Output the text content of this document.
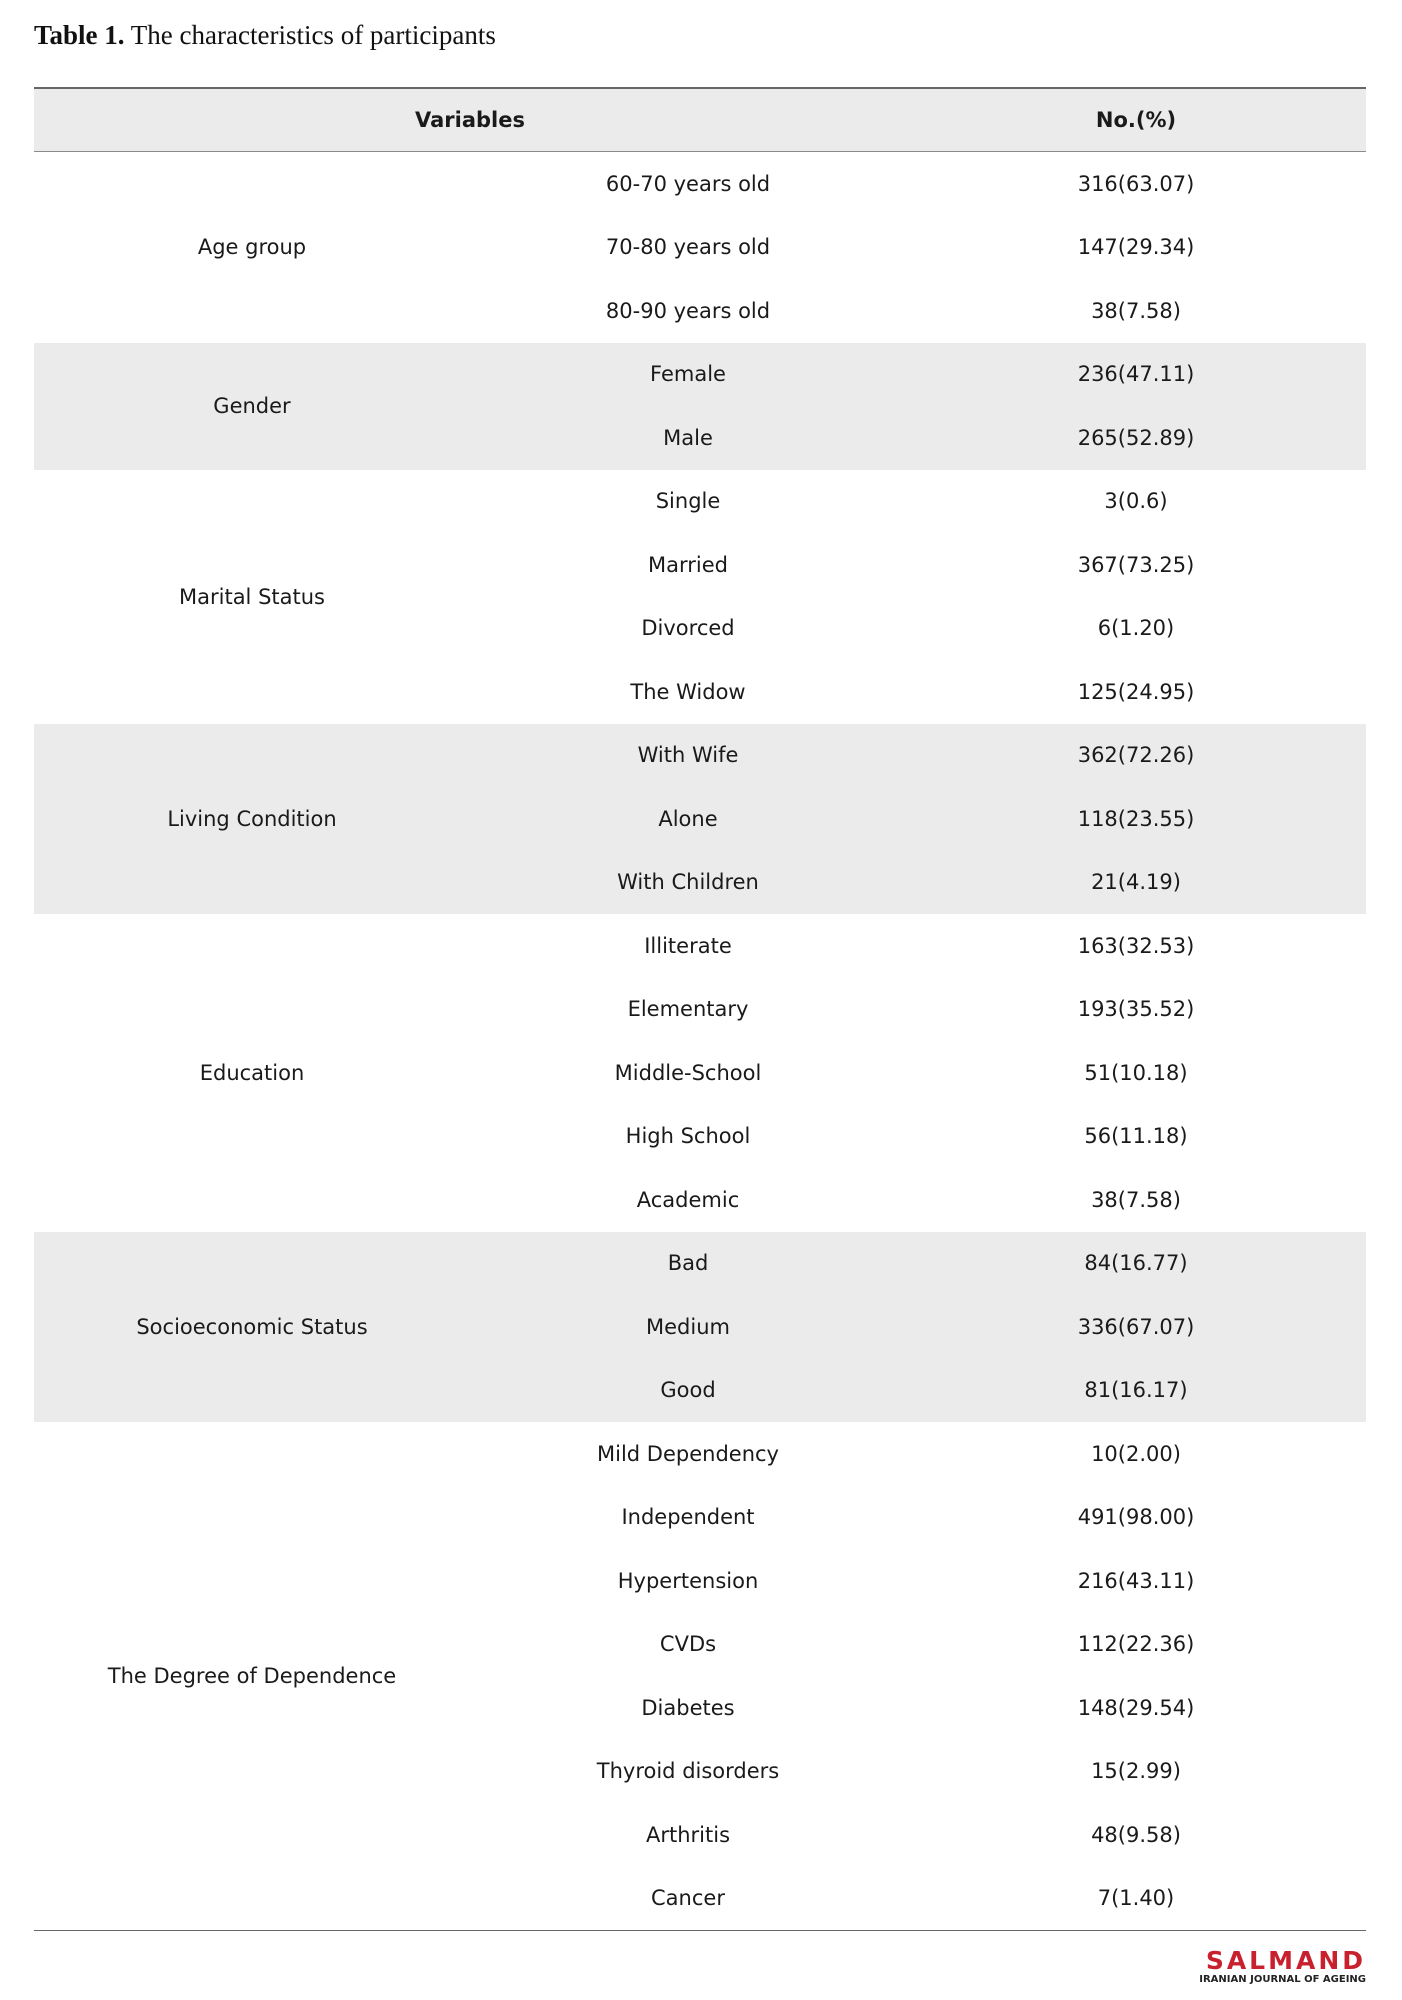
Table 1. The characteristics of participants
Variables	No.(%)
Age group
60-70 years old	316(63.07)
70-80 years old	147(29.34)
80-90 years old	38(7.58)
Gender
Female	236(47.11)
Male	265(52.89)
Marital Status
Single	3(0.6)
Married	367(73.25)
Divorced	6(1.20)
The Widow	125(24.95)
Living Condition
With Wife	362(72.26)
Alone	118(23.55)
With Children	21(4.19)
Education
Illiterate	163(32.53)
Elementary	193(35.52)
Middle-School	51(10.18)
High School	56(11.18)
Academic	38(7.58)
Socioeconomic Status
Bad	84(16.77)
Medium	336(67.07)
Good	81(16.17)
The Degree of Dependence
Mild Dependency	10(2.00)
Independent	491(98.00)
Hypertension	216(43.11)
CVDs	112(22.36)
Diabetes	148(29.54)
Thyroid disorders	15(2.99)
Arthritis	48(9.58)
Cancer	7(1.40)
SALMAND
IRANIAN JOURNAL OF AGEING
